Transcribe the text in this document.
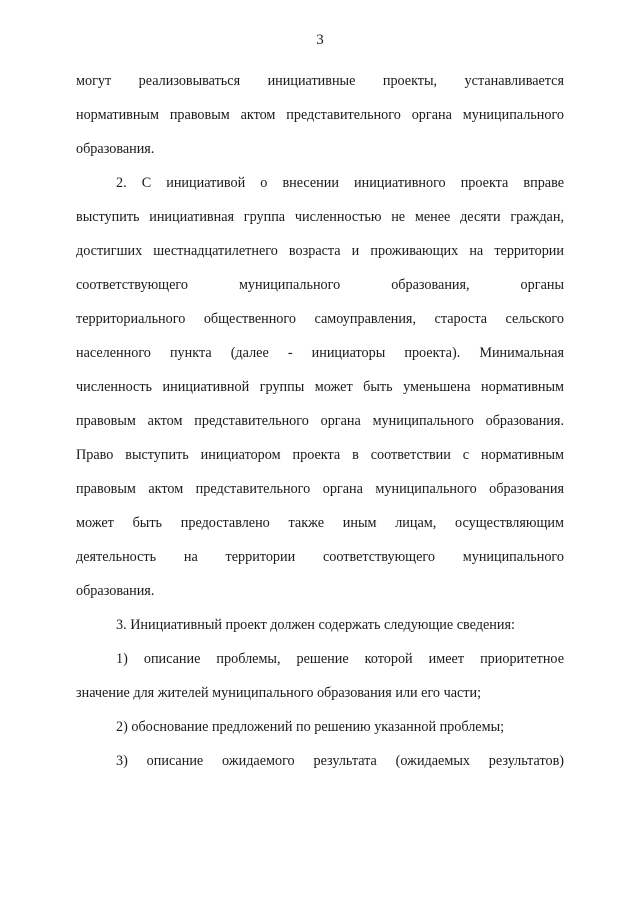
3
могут реализовываться инициативные проекты, устанавливается
нормативным правовым актом представительного органа муниципального
образования.
2. С инициативой о внесении инициативного проекта вправе
выступить инициативная группа численностью не менее десяти граждан,
достигших шестнадцатилетнего возраста и проживающих на территории
соответствующего муниципального образования, органы
территориального общественного самоуправления, староста сельского
населенного пункта (далее - инициаторы проекта). Минимальная
численность инициативной группы может быть уменьшена нормативным
правовым актом представительного органа муниципального образования.
Право выступить инициатором проекта в соответствии с нормативным
правовым актом представительного органа муниципального образования
может быть предоставлено также иным лицам, осуществляющим
деятельность на территории соответствующего муниципального
образования.
3. Инициативный проект должен содержать следующие сведения:
1) описание проблемы, решение которой имеет приоритетное
значение для жителей муниципального образования или его части;
2) обоснование предложений по решению указанной проблемы;
3) описание ожидаемого результата (ожидаемых результатов)
